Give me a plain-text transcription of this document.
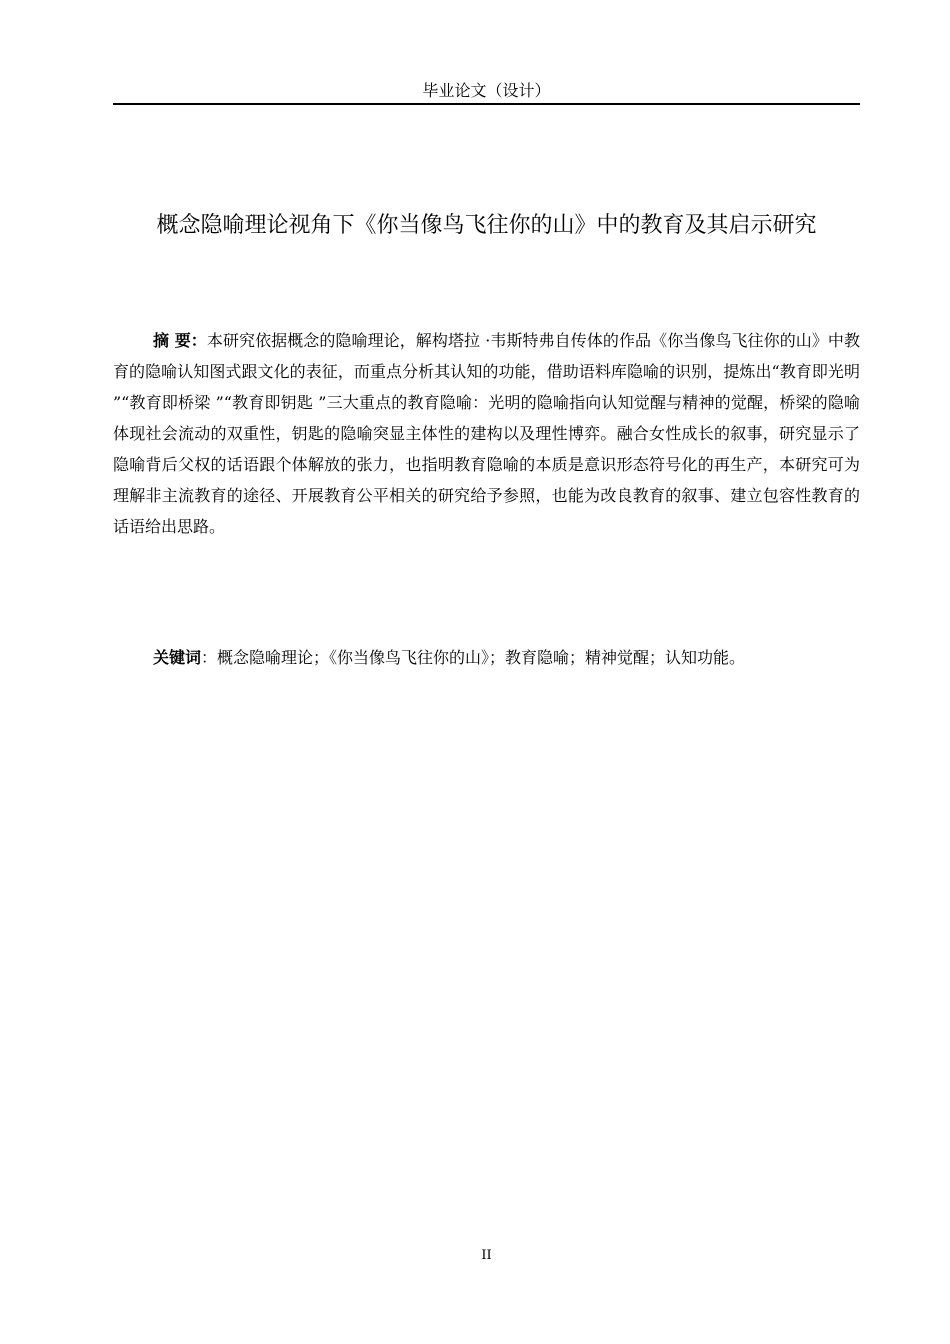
毕业论文（设计）
概念隐喻理论视角下《你当像鸟飞往你的山》中的教育及其启示研究
摘 要：本研究依据概念的隐喻理论，解构塔拉 ·韦斯特弗自传体的作品《你当像鸟飞往你的山》中教育的隐喻认知图式跟文化的表征，而重点分析其认知的功能，借助语料库隐喻的识别，提炼出“教育即光明 ”“教育即桥梁 ”“教育即钥匙 ”三大重点的教育隐喻：光明的隐喻指向认知觉醒与精神的觉醒，桥梁的隐喻体现社会流动的双重性，钥匙的隐喻突显主体性的建构以及理性博弈。融合女性成长的叙事，研究显示了隐喻背后父权的话语跟个体解放的张力，也指明教育隐喻的本质是意识形态符号化的再生产，本研究可为理解非主流教育的途径、开展教育公平相关的研究给予参照，也能为改良教育的叙事、建立包容性教育的话语给出思路。
关键词：概念隐喻理论；《你当像鸟飞往你的山》；教育隐喻；精神觉醒；认知功能。
II
